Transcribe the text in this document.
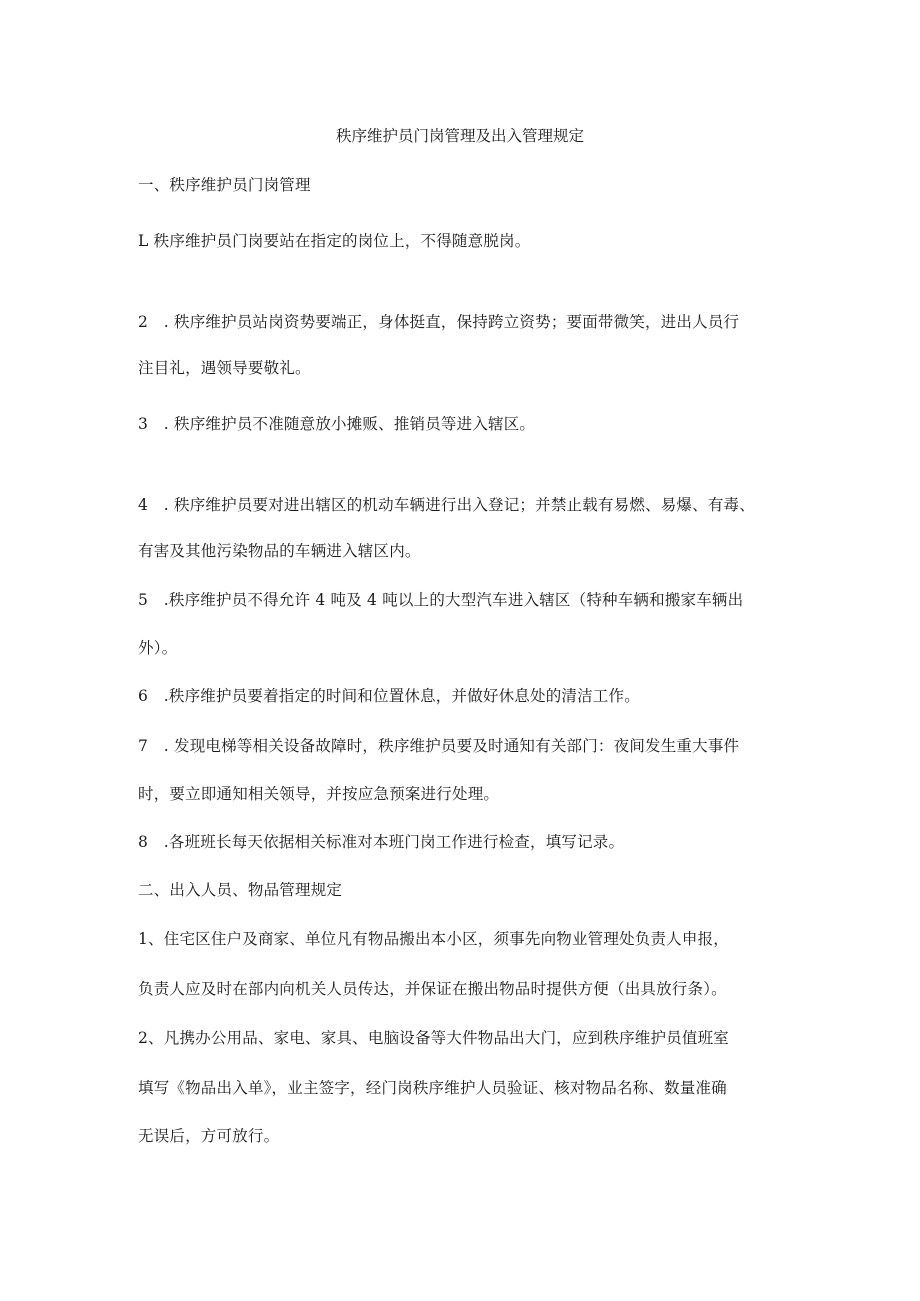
秩序维护员门岗管理及出入管理规定
一、秩序维护员门岗管理
L 秩序维护员门岗要站在指定的岗位上，不得随意脱岗。
2　. 秩序维护员站岗资势要端正，身体挺直，保持跨立资势；要面带微笑，进出人员行
注目礼，遇领导要敬礼。
3　. 秩序维护员不准随意放小摊贩、推销员等进入辖区。
4　. 秩序维护员要对进出辖区的机动车辆进行出入登记；并禁止载有易燃、易爆、有毒、
有害及其他污染物品的车辆进入辖区内。
5　.秩序维护员不得允许 4 吨及 4 吨以上的大型汽车进入辖区（特种车辆和搬家车辆出
外）。
6　.秩序维护员要着指定的时间和位置休息，并做好休息处的清洁工作。
7　. 发现电梯等相关设备故障时，秩序维护员要及时通知有关部门：夜间发生重大事件
时，要立即通知相关领导，并按应急预案进行处理。
8　.各班班长每天依据相关标准对本班门岗工作进行检查，填写记录。
二、出入人员、物品管理规定
1、住宅区住户及商家、单位凡有物品搬出本小区，须事先向物业管理处负责人申报，
负责人应及时在部内向机关人员传达，并保证在搬出物品时提供方便（出具放行条）。
2、凡携办公用品、家电、家具、电脑设备等大件物品出大门，应到秩序维护员值班室
填写《物品出入单》，业主签字，经门岗秩序维护人员验证、核对物品名称、数量准确
无误后，方可放行。
